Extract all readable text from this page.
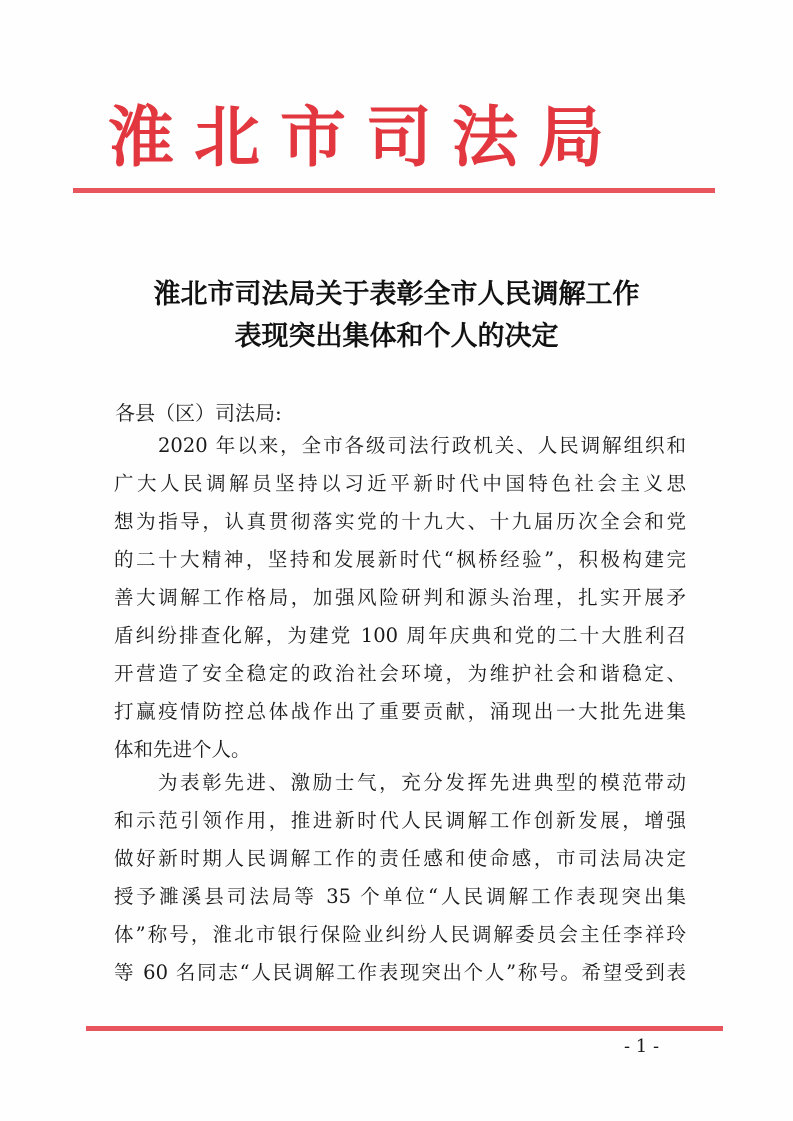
淮北市司法局
淮北市司法局关于表彰全市人民调解工作
表现突出集体和个人的决定
各县（区）司法局:
2020 年以来，全市各级司法行政机关、人民调解组织和
广大人民调解员坚持以习近平新时代中国特色社会主义思
想为指导，认真贯彻落实党的十九大、十九届历次全会和党
的二十大精神，坚持和发展新时代“枫桥经验”，积极构建完
善大调解工作格局，加强风险研判和源头治理，扎实开展矛
盾纠纷排查化解，为建党 100 周年庆典和党的二十大胜利召
开营造了安全稳定的政治社会环境，为维护社会和谐稳定、
打赢疫情防控总体战作出了重要贡献，涌现出一大批先进集
体和先进个人。
为表彰先进、激励士气，充分发挥先进典型的模范带动
和示范引领作用，推进新时代人民调解工作创新发展，增强
做好新时期人民调解工作的责任感和使命感，市司法局决定
授予濉溪县司法局等 35 个单位“人民调解工作表现突出集
体”称号，淮北市银行保险业纠纷人民调解委员会主任李祥玲
等 60 名同志“人民调解工作表现突出个人”称号。希望受到表
- 1 -
